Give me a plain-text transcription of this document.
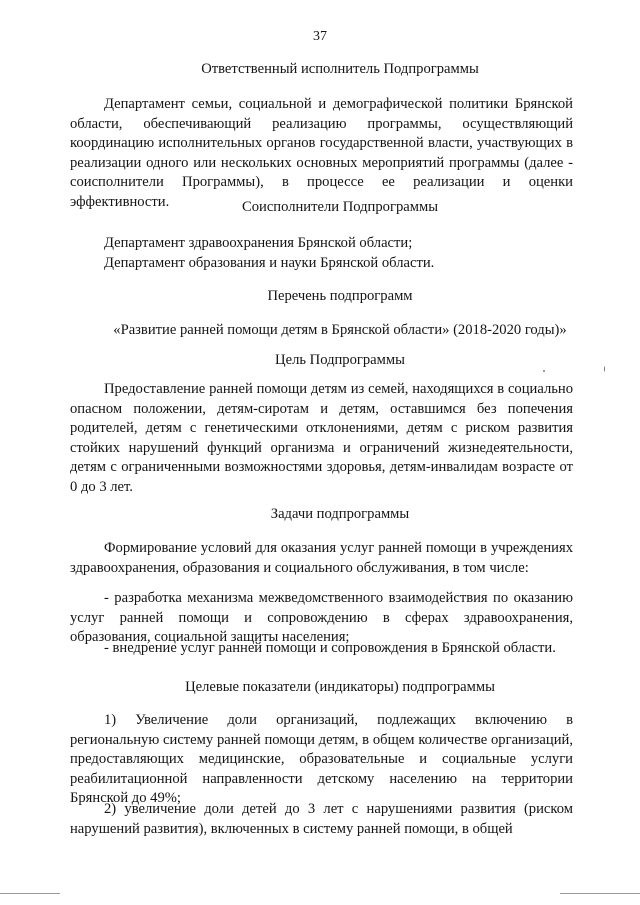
37
Ответственный исполнитель Подпрограммы

Департамент семьи, социальной и демографической политики Брянской области, обеспечивающий реализацию программы, осуществляющий координацию исполнительных органов государственной власти, участвующих в реализации одного или нескольких основных мероприятий программы (далее - соисполнители Программы), в процессе ее реализации и оценки эффективности.	Соисполнители Подпрограммы

Департамент здравоохранения Брянской области;

Департамент образования и науки Брянской области.

Перечень подпрограмм
«Развитие ранней помощи детям в Брянской области» (2018-2020 годы)»
Цель Подпрограммы

Предоставление ранней помощи детям из семей, находящихся в социально опасном положении, детям-сиротам и детям, оставшимся без попечения родителей, детям с генетическими отклонениями, детям с риском развития стойких нарушений функций организма и ограничений жизнедеятельности, детям с ограниченными возможностями здоровья, детям-инвалидам возрасте от 0 до 3 лет.

Задачи подпрограммы

Формирование условий для оказания услуг ранней помощи в учреждениях здравоохранения, образования и социального обслуживания, в том числе:

- разработка механизма межведомственного взаимодействия по оказанию услуг ранней помощи и сопровождению в сферах здравоохранения, образования, социальной защиты населения;

- внедрение услуг ранней помощи и сопровождения в Брянской области.

Целевые показатели (индикаторы) подпрограммы

1) Увеличение доли организаций, подлежащих включению в региональную систему ранней помощи детям, в общем количестве организаций, предоставляющих медицинские, образовательные и социальные услуги реабилитационной направленности детскому населению на территории Брянской до 49%;

2) увеличение доли детей до 3 лет с нарушениями развития (риском нарушений развития), включенных в систему ранней помощи, в общей
